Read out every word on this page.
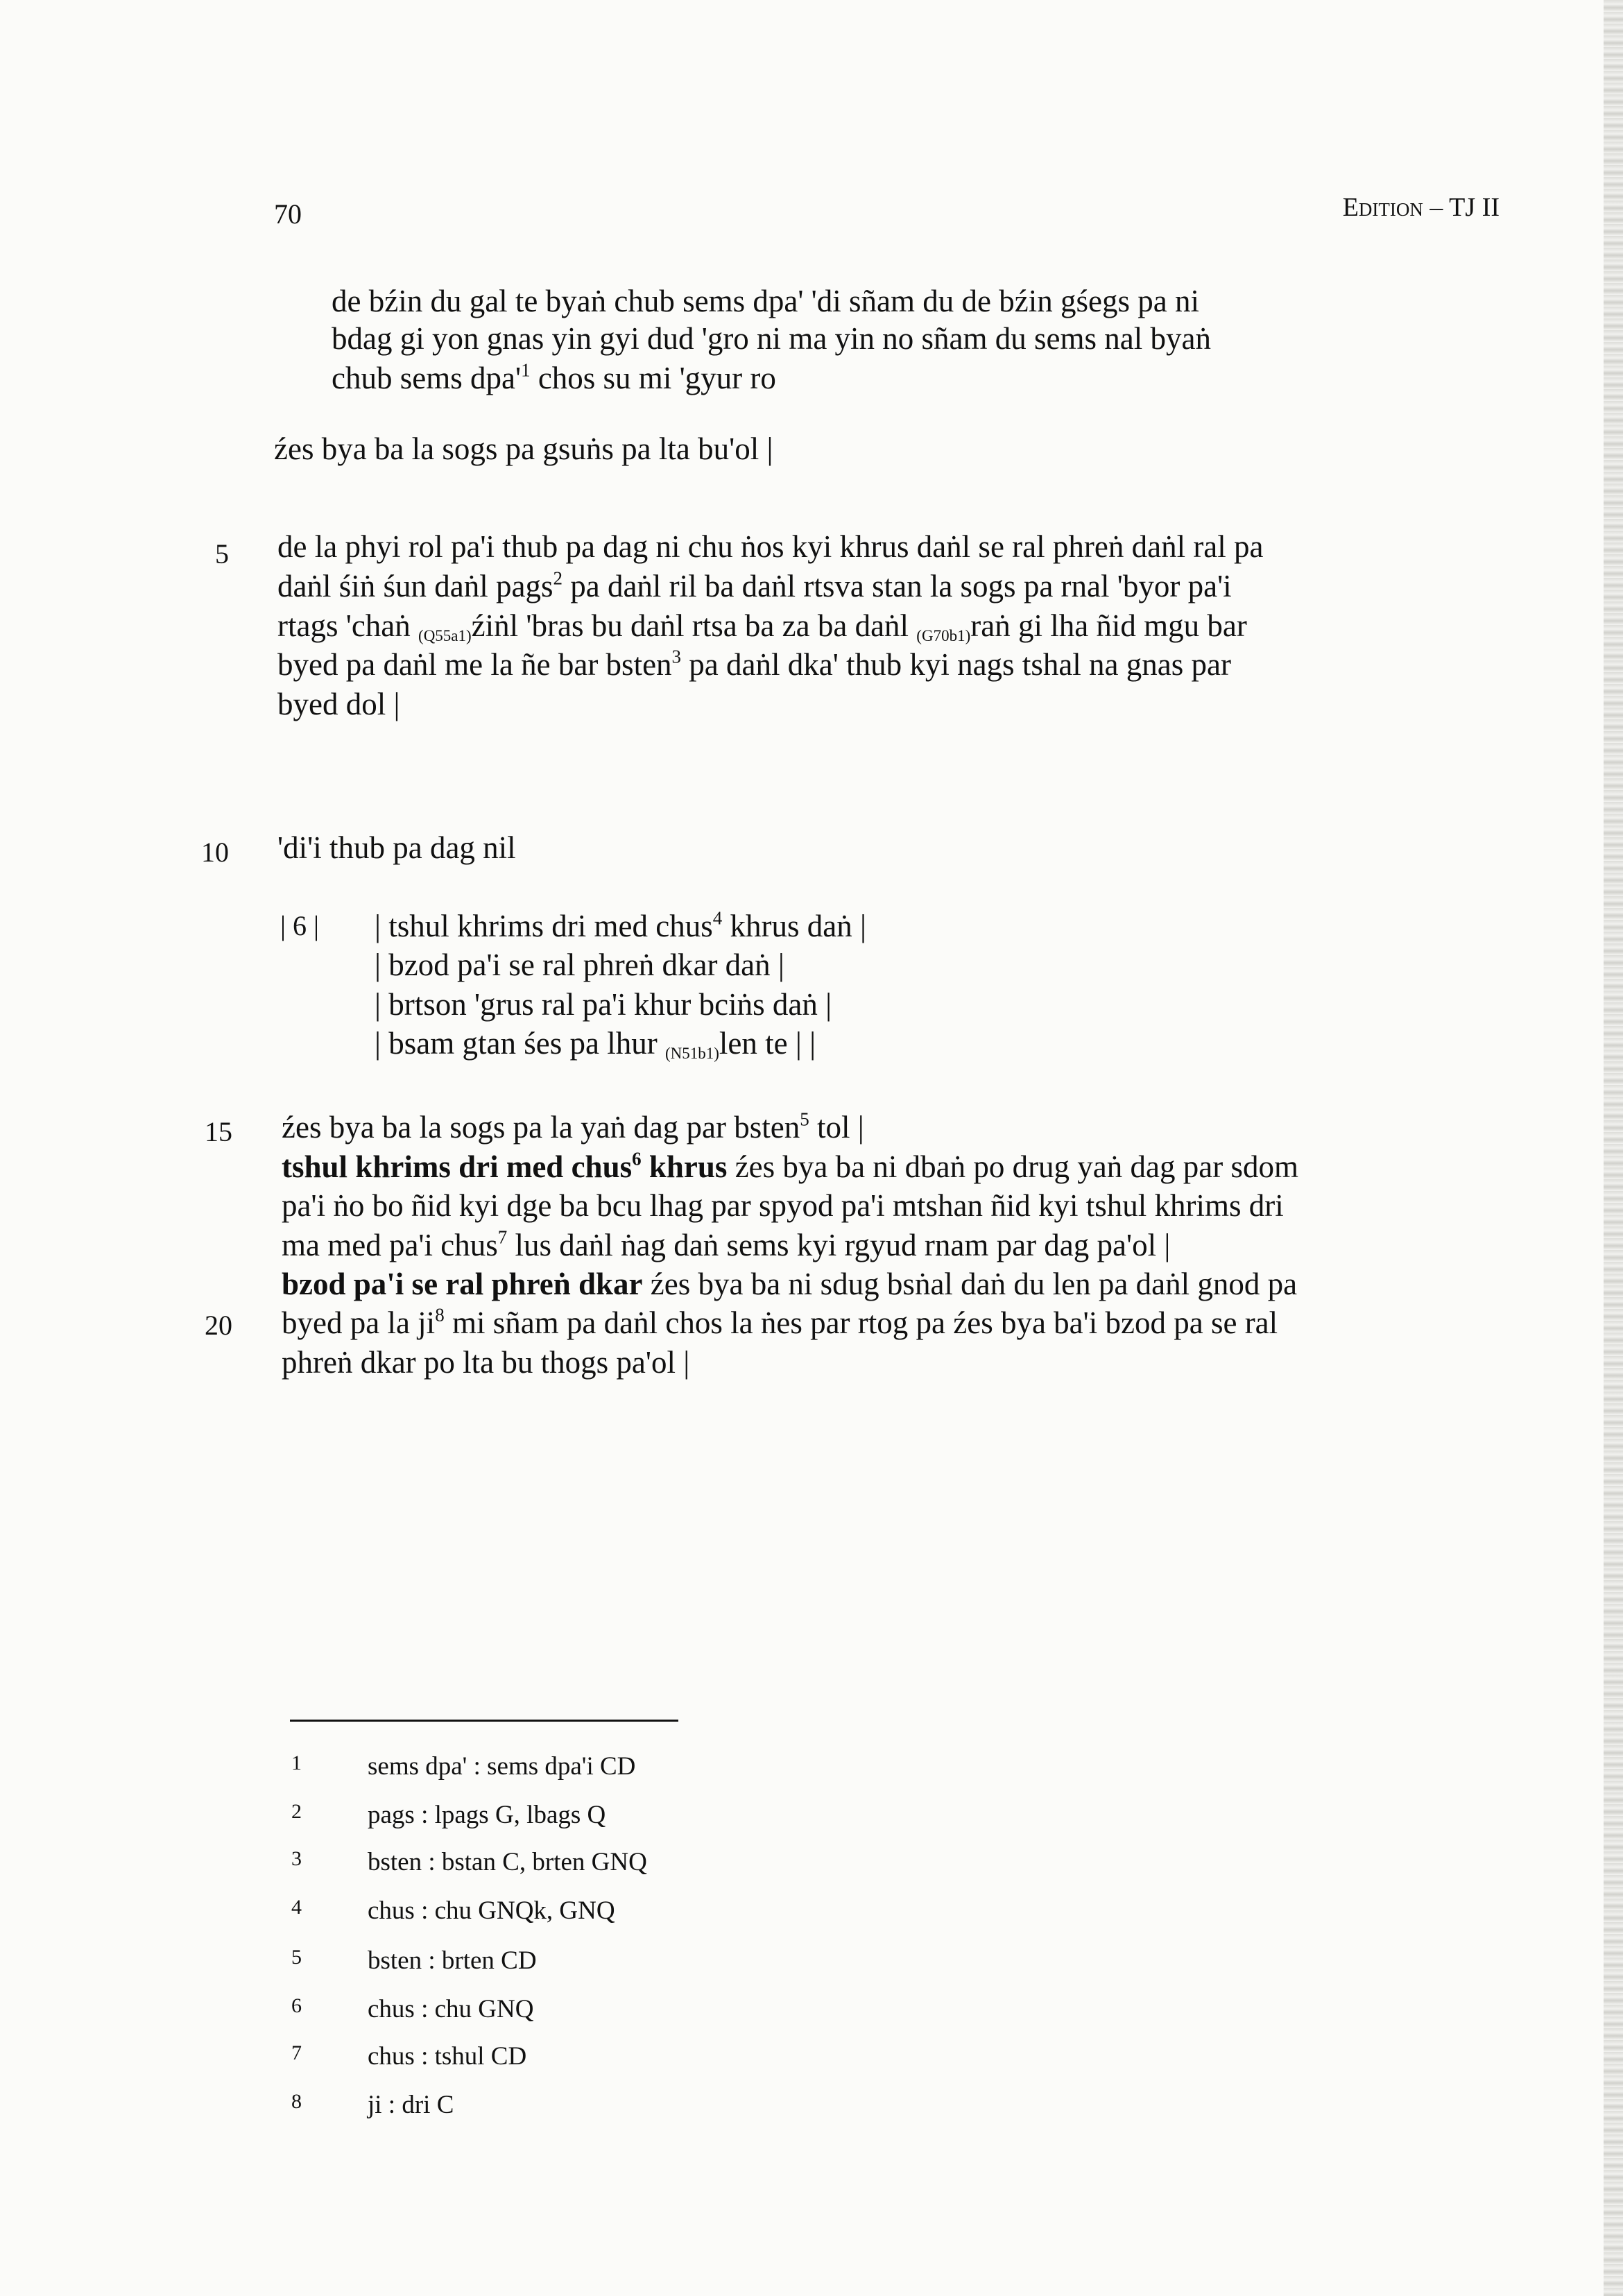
70	Edition – TJ II
de bźin du gal te byaṅ chub sems dpa' 'di sñam du de bźin gśegs pa ni
bdag gi yon gnas yin gyi dud 'gro ni ma yin no sñam du sems nal byaṅ
chub sems $dpa'^1$ chos su mi 'gyur ro
źes bya ba la sogs pa gsuṅs pa lta bu'ol |
5
10
15
20
de la phyi rol pa'i thub pa dag ni chu ṅos kyi khrus daṅl se ral phreṅ daṅl ral pa
daṅl śiṅ śun daṅl pags$^2$ pa daṅl ril ba daṅl rtsva stan la sogs pa rnal 'byor pa'i
rtags 'chaṅ (Q55a1)źiṅl 'bras bu daṅl rtsa ba za ba daṅl (G70b1)raṅ gi lha ñid mgu bar
byed pa daṅl me la ñe bar bsten$^3$ pa daṅl dka' thub kyi nags tshal na gnas par
byed dol |
'di'i thub pa dag nil
| 6 | | tshul khrims dri med chus$^4$ khrus daṅ |
| bzod pa'i se ral phreṅ dkar daṅ |
| brtson 'grus ral pa'i khur bciṅs daṅ |
| bsam gtan śes pa lhur (N51b1)len te | |
źes bya ba la sogs pa la yaṅ dag par bsten$^5$ tol |
tshul khrims dri med chus$^6$ khrus źes bya ba ni dbaṅ po drug yaṅ dag par sdom
pa'i ṅo bo ñid kyi dge ba bcu lhag par spyod pa'i mtshan ñid kyi tshul khrims dri
ma med pa'i chus$^7$ lus daṅl ṅag daṅ sems kyi rgyud rnam par dag pa'ol |
bzod pa'i se ral phreṅ dkar źes bya ba ni sdug bsṅal daṅ du len pa daṅl gnod pa
byed pa la $ji^8$ mi sñam pa daṅl chos la ṅes par rtog pa źes bya ba'i bzod pa se ral
phreṅ dkar po lta bu thogs pa'ol |
1	sems dpa' : sems dpa'i CD
2	pags : lpags G, lbags Q
3	bsten : bstan C, brten GNQ
4	chus : chu GNQk, GNQ
5	bsten : brten CD
6	chus : chu GNQ
7	chus : tshul CD
8	ji : dri C
